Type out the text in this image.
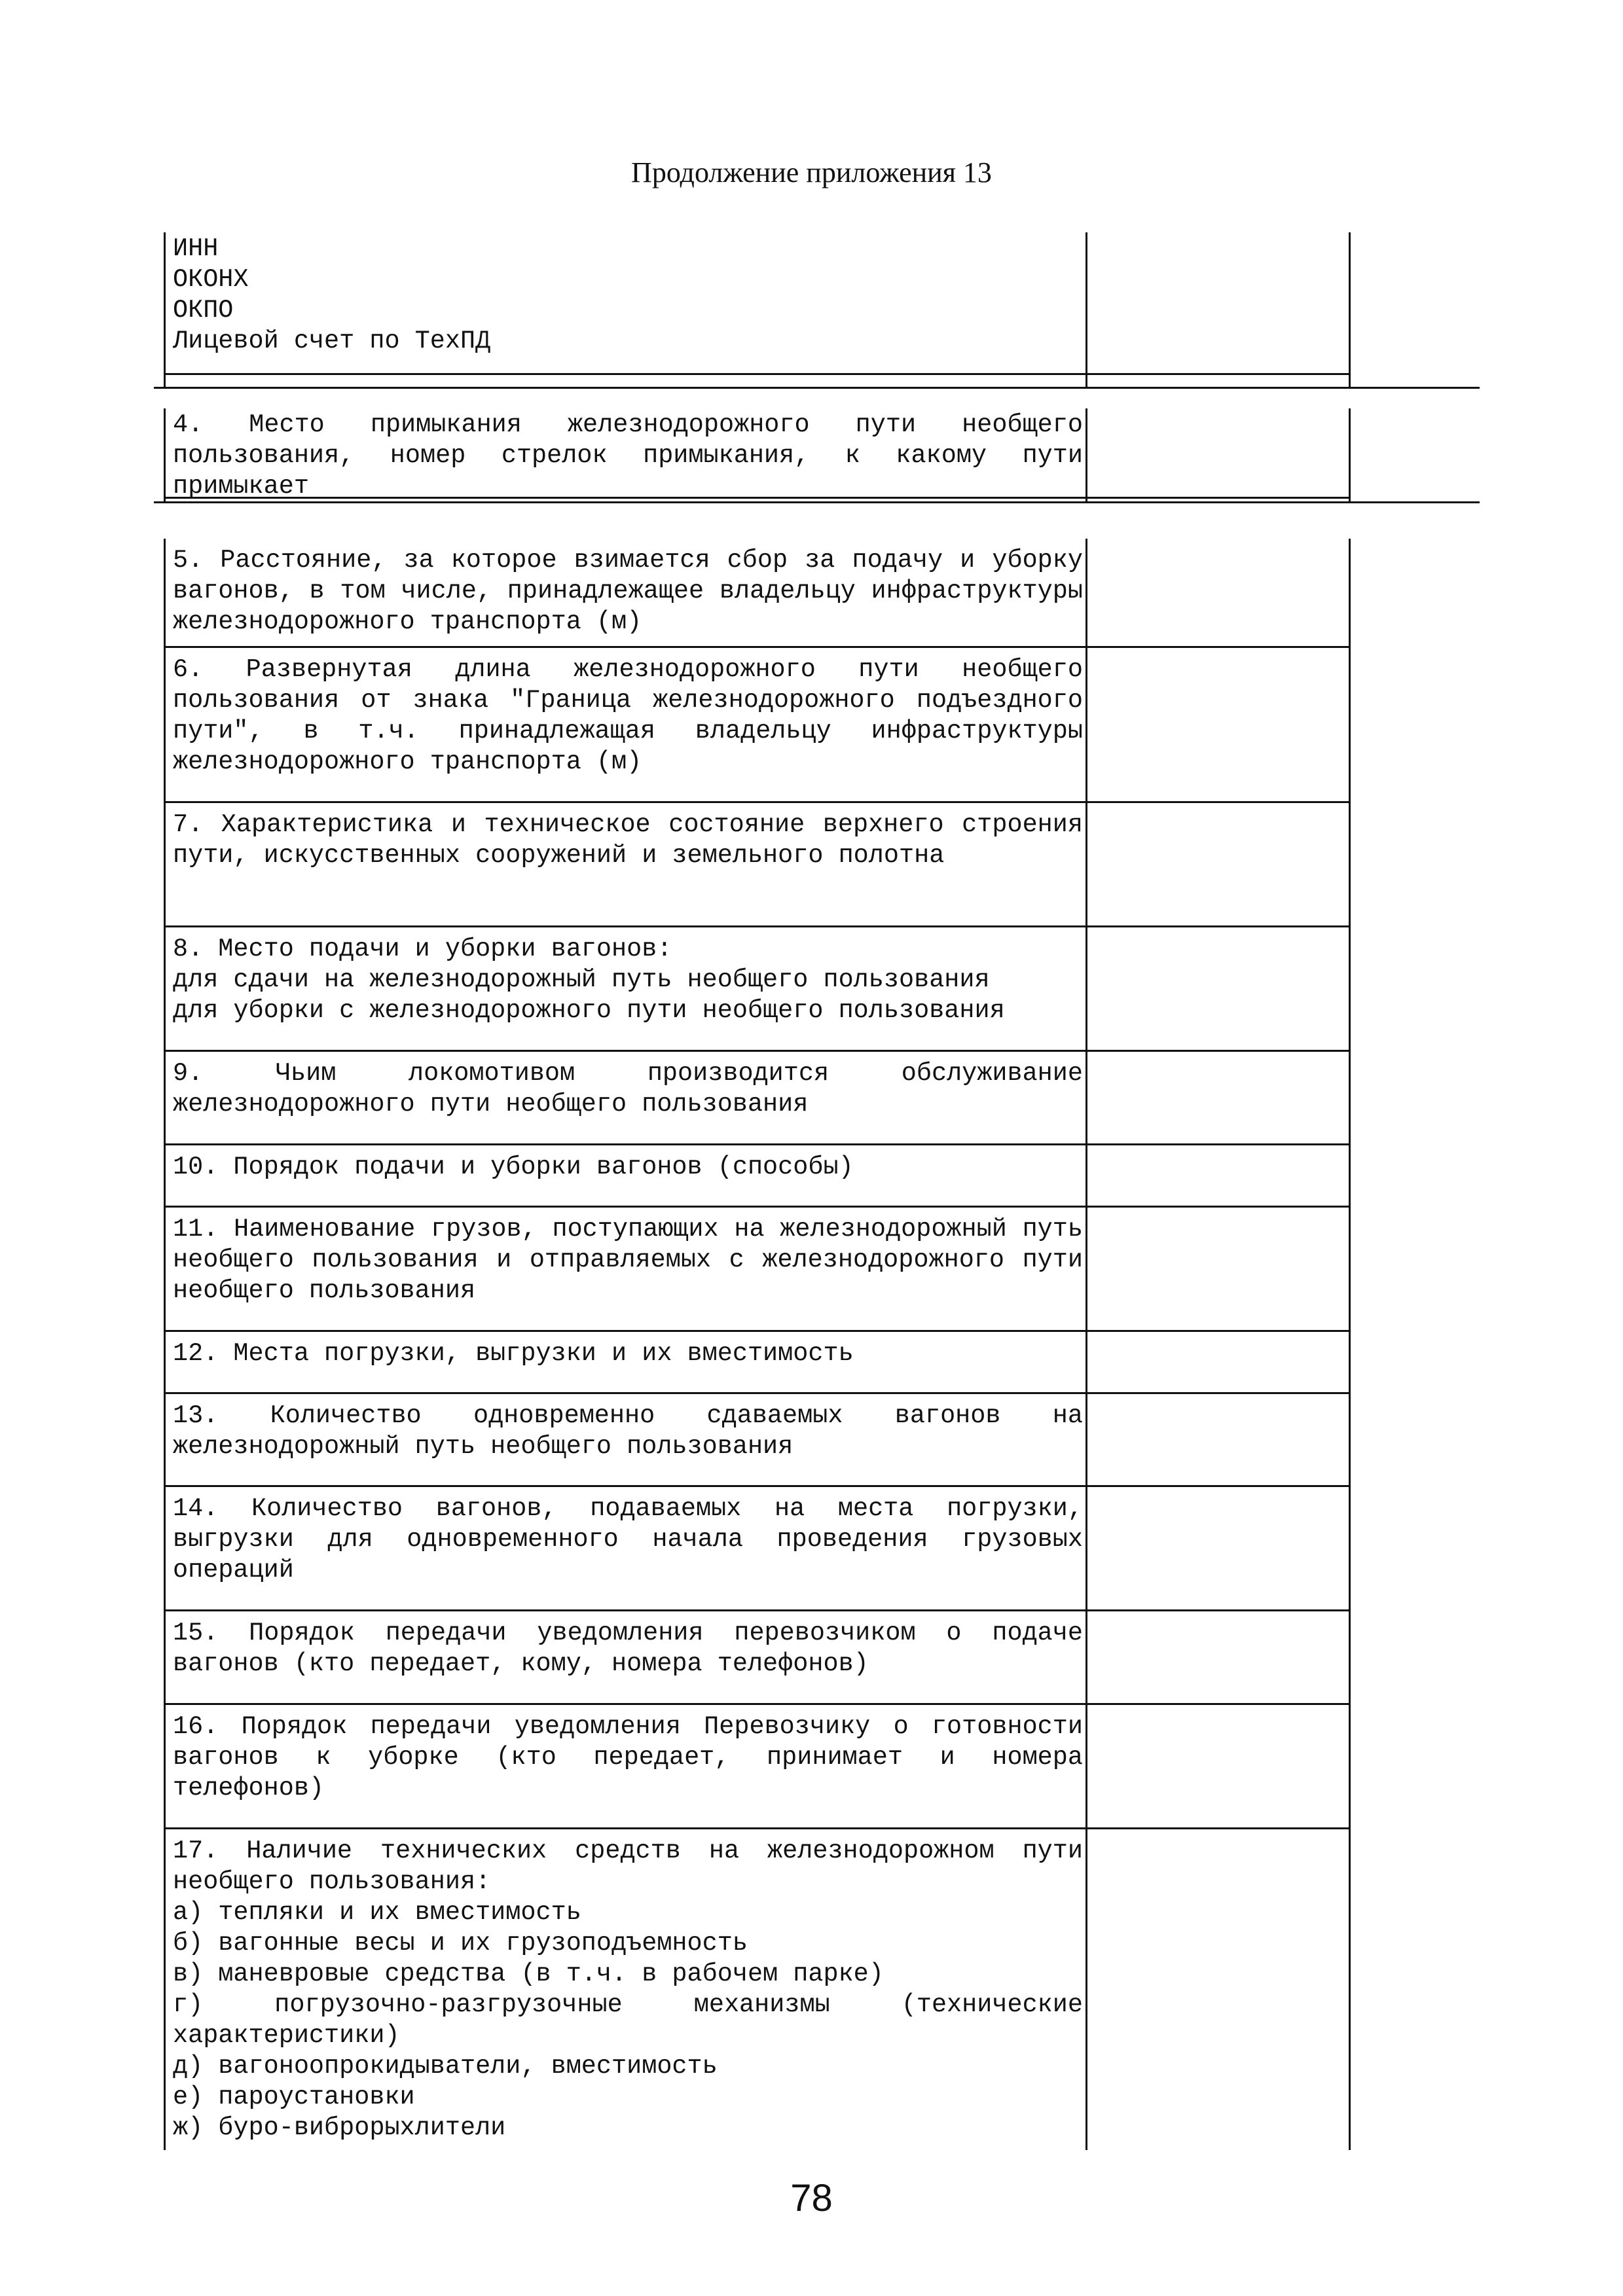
Продолжение приложения 13
ИНН
ОКОНХ
ОКПО
Лицевой счет по ТехПД
4. Место примыкания железнодорожного пути необщего пользования, номер стрелок примыкания, к какому пути примыкает
5. Расстояние, за которое взимается сбор за подачу и уборку вагонов, в том числе, принадлежащее владельцу инфраструктуры железнодорожного транспорта (м)
6. Развернутая длина железнодорожного пути необщего пользования от знака "Граница железнодорожного подъездного пути", в т.ч. принадлежащая владельцу инфраструктуры железнодорожного транспорта (м)
7. Характеристика и техническое состояние верхнего строения пути, искусственных сооружений и земельного полотна
8. Место подачи и уборки вагонов:
для сдачи на железнодорожный путь необщего пользования
для уборки с железнодорожного пути необщего пользования
9. Чьим локомотивом производится обслуживание железнодорожного пути необщего пользования
10. Порядок подачи и уборки вагонов (способы)
11. Наименование грузов, поступающих на железнодорожный путь необщего пользования и отправляемых с железнодорожного пути необщего пользования
12. Места погрузки, выгрузки и их вместимость
13. Количество одновременно сдаваемых вагонов на железнодорожный путь необщего пользования
14. Количество вагонов, подаваемых на места погрузки, выгрузки для одновременного начала проведения грузовых операций
15. Порядок передачи уведомления перевозчиком о подаче вагонов (кто передает, кому, номера телефонов)
16. Порядок передачи уведомления Перевозчику о готовности вагонов к уборке (кто передает, принимает и номера телефонов)
17. Наличие технических средств на железнодорожном пути необщего пользования:
а) тепляки и их вместимость
б) вагонные весы и их грузоподъемность
в) маневровые средства (в т.ч. в рабочем парке)
г) погрузочно-разгрузочные механизмы (технические характеристики)
д) вагоноопрокидыватели, вместимость
е) пароустановки
ж) буро-виброрыхлители
78
